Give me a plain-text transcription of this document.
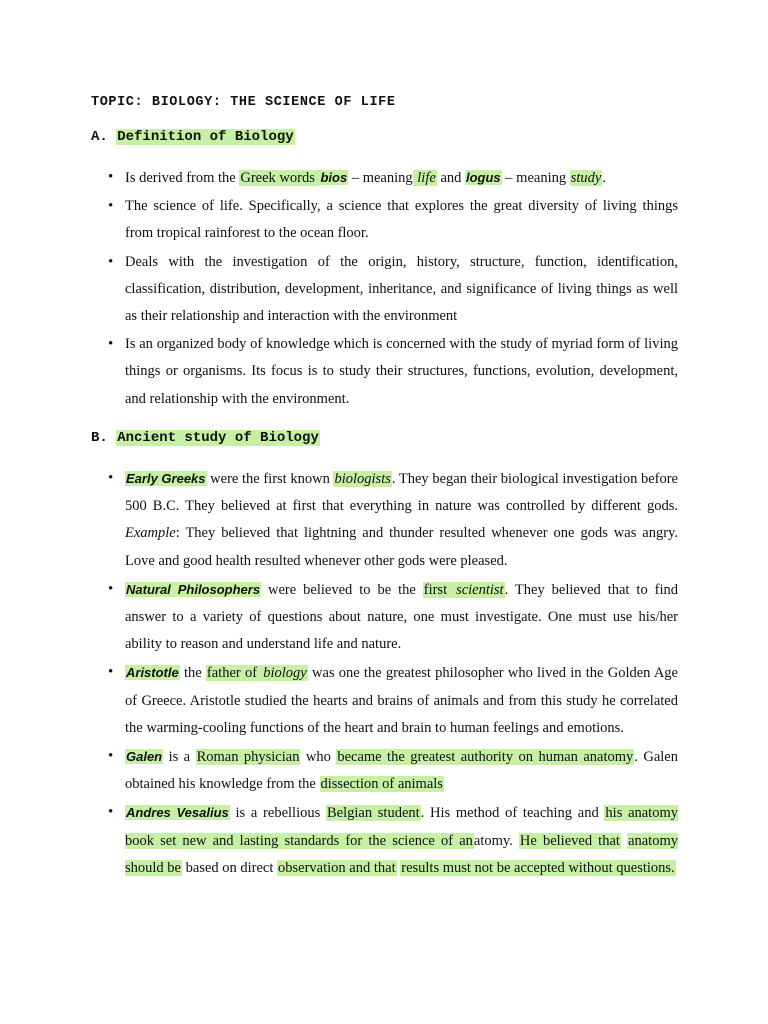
TOPIC: BIOLOGY: THE SCIENCE OF LIFE
A. Definition of Biology
• Is derived from the Greek words bios – meaning life and logus – meaning study.
• The science of life. Specifically, a science that explores the great diversity of living things from tropical rainforest to the ocean floor.
• Deals with the investigation of the origin, history, structure, function, identification, classification, distribution, development, inheritance, and significance of living things as well as their relationship and interaction with the environment
• Is an organized body of knowledge which is concerned with the study of myriad form of living things or organisms. Its focus is to study their structures, functions, evolution, development, and relationship with the environment.
B. Ancient study of Biology
• Early Greeks were the first known biologists. They began their biological investigation before 500 B.C. They believed at first that everything in nature was controlled by different gods. Example: They believed that lightning and thunder resulted whenever one gods was angry. Love and good health resulted whenever other gods were pleased.
• Natural Philosophers were believed to be the first scientist. They believed that to find answer to a variety of questions about nature, one must investigate. One must use his/her ability to reason and understand life and nature.
• Aristotle the father of biology was one the greatest philosopher who lived in the Golden Age of Greece. Aristotle studied the hearts and brains of animals and from this study he correlated the warming-cooling functions of the heart and brain to human feelings and emotions.
• Galen is a Roman physician who became the greatest authority on human anatomy. Galen obtained his knowledge from the dissection of animals
• Andres Vesalius is a rebellious Belgian student. His method of teaching and his anatomy book set new and lasting standards for the science of anatomy. He believed that anatomy should be based on direct observation and that results must not be accepted without questions.
